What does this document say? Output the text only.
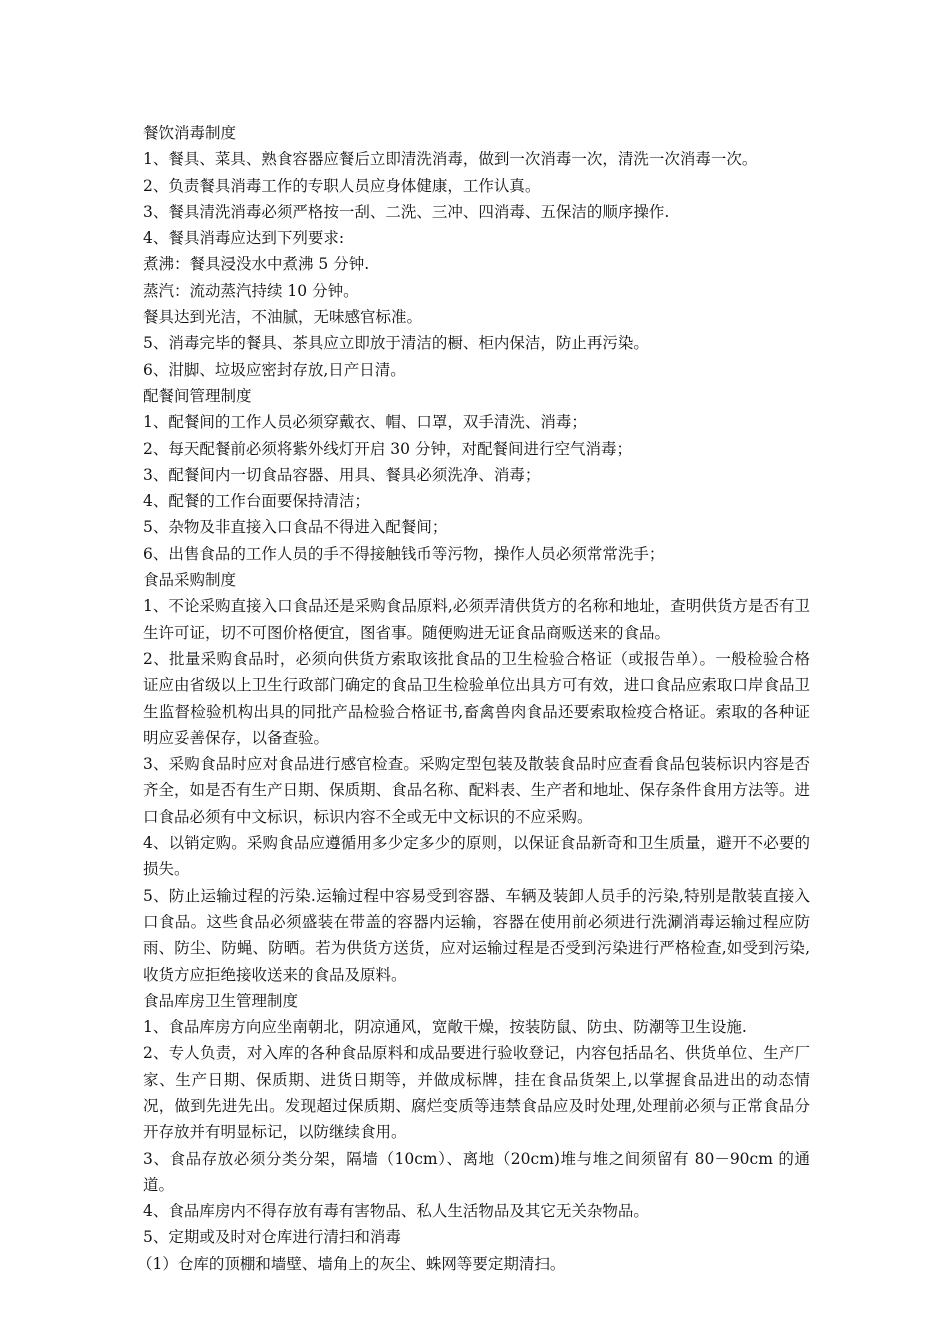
餐饮消毒制度

1、餐具、菜具、熟食容器应餐后立即清洗消毒，做到一次消毒一次，清洗一次消毒一次。

2、负责餐具消毒工作的专职人员应身体健康，工作认真。

3、餐具清洗消毒必须严格按一刮、二洗、三冲、四消毒、五保洁的顺序操作.

4、餐具消毒应达到下列要求:

煮沸：餐具浸没水中煮沸 5 分钟.

蒸汽：流动蒸汽持续 10 分钟。

餐具达到光洁，不油腻，无味感官标准。

5、消毒完毕的餐具、茶具应立即放于清洁的橱、柜内保洁，防止再污染。

6、泔脚、垃圾应密封存放,日产日清。

配餐间管理制度

1、配餐间的工作人员必须穿戴衣、帽、口罩，双手清洗、消毒；

2、每天配餐前必须将紫外线灯开启 30 分钟，对配餐间进行空气消毒；

3、配餐间内一切食品容器、用具、餐具必须洗净、消毒；

4、配餐的工作台面要保持清洁；

5、杂物及非直接入口食品不得进入配餐间；

6、出售食品的工作人员的手不得接触钱币等污物，操作人员必须常常洗手；

食品采购制度

1、不论采购直接入口食品还是采购食品原料,必须弄清供货方的名称和地址，查明供货方是否有卫生许可证，切不可图价格便宜，图省事。随便购进无证食品商贩送来的食品。

2、批量采购食品时，必须向供货方索取该批食品的卫生检验合格证（或报告单）。一般检验合格证应由省级以上卫生行政部门确定的食品卫生检验单位出具方可有效，进口食品应索取口岸食品卫生监督检验机构出具的同批产品检验合格证书,畜禽兽肉食品还要索取检疫合格证。索取的各种证明应妥善保存，以备查验。

3、采购食品时应对食品进行感官检查。采购定型包装及散装食品时应查看食品包装标识内容是否齐全，如是否有生产日期、保质期、食品名称、配料表、生产者和地址、保存条件食用方法等。进口食品必须有中文标识，标识内容不全或无中文标识的不应采购。

4、以销定购。采购食品应遵循用多少定多少的原则，以保证食品新奇和卫生质量，避开不必要的损失。

5、防止运输过程的污染.运输过程中容易受到容器、车辆及装卸人员手的污染,特别是散装直接入口食品。这些食品必须盛装在带盖的容器内运输，容器在使用前必须进行洗涮消毒运输过程应防雨、防尘、防蝇、防晒。若为供货方送货，应对运输过程是否受到污染进行严格检查,如受到污染,收货方应拒绝接收送来的食品及原料。

食品库房卫生管理制度

1、食品库房方向应坐南朝北，阴凉通风，宽敞干燥，按装防鼠、防虫、防潮等卫生设施.

2、专人负责，对入库的各种食品原料和成品要进行验收登记，内容包括品名、供货单位、生产厂家、生产日期、保质期、进货日期等，并做成标牌，挂在食品货架上,以掌握食品进出的动态情况，做到先进先出。发现超过保质期、腐烂变质等违禁食品应及时处理,处理前必须与正常食品分开存放并有明显标记，以防继续食用。

3、食品存放必须分类分架，隔墙（10cm）、离地（20cm)堆与堆之间须留有 80－90cm 的通道。

4、食品库房内不得存放有毒有害物品、私人生活物品及其它无关杂物品。

5、定期或及时对仓库进行清扫和消毒

（1）仓库的顶棚和墙壁、墙角上的灰尘、蛛网等要定期清扫。
